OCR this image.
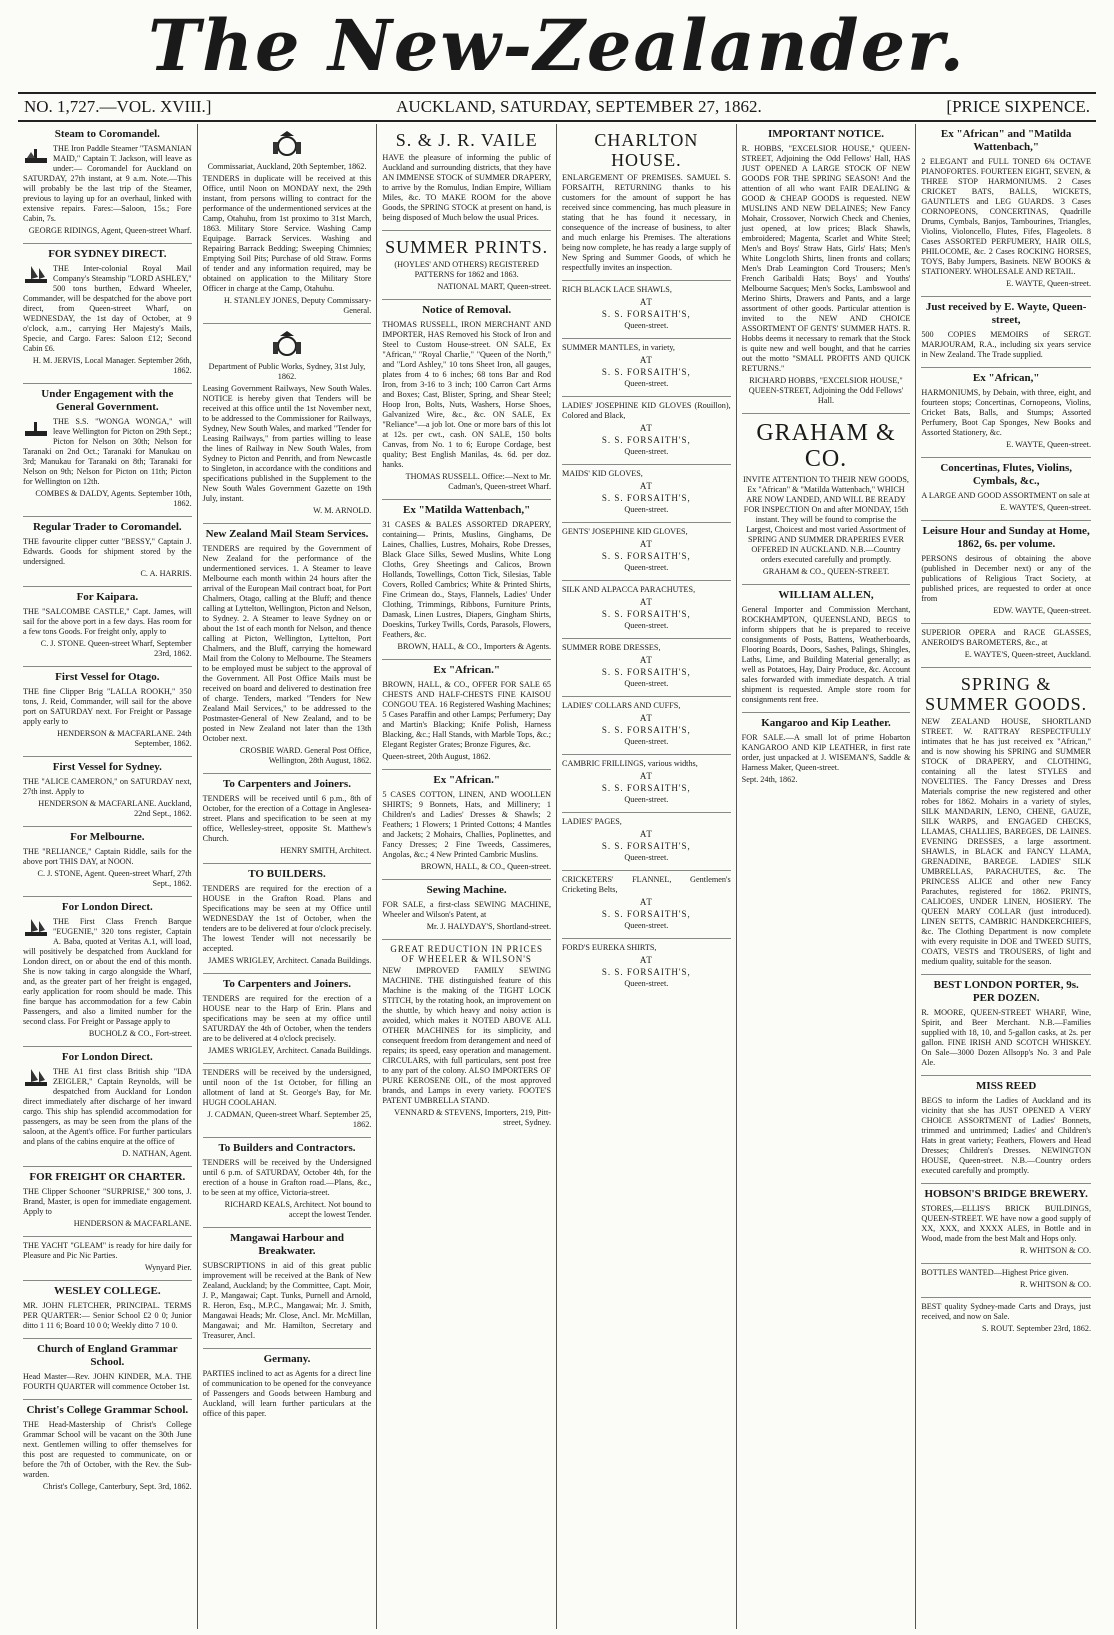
The New-Zealander.
NO. 1,727.—VOL. XVIII.]	AUCKLAND, SATURDAY, SEPTEMBER 27, 1862.	[PRICE SIXPENCE.
Steam to Coromandel.

THE Iron Paddle Steamer "TASMANIAN MAID," Captain T. Jackson, will leave as under:— Coromandel for Auckland on SATURDAY, 27th instant, at 9 a.m. Note.—This will probably be the last trip of the Steamer, previous to laying up for an overhaul, linked with extensive repairs. Fares:—Saloon, 15s.; Fore Cabin, 7s.

GEORGE RIDINGS, Agent, Queen-street Wharf.

FOR SYDNEY DIRECT.

THE Inter-colonial Royal Mail Company's Steamship "LORD ASHLEY," 500 tons burthen, Edward Wheeler, Commander, will be despatched for the above port direct, from Queen-street Wharf, on WEDNESDAY, the 1st day of October, at 9 o'clock, a.m., carrying Her Majesty's Mails, Specie, and Cargo. Fares: Saloon £12; Second Cabin £6.

H. M. JERVIS, Local Manager. September 26th, 1862.

Under Engagement with the General Government.

THE S.S. "WONGA WONGA," will leave Wellington for Picton on 29th Sept.; Picton for Nelson on 30th; Nelson for Taranaki on 2nd Oct.; Taranaki for Manukau on 3rd; Manukau for Taranaki on 8th; Taranaki for Nelson on 9th; Nelson for Picton on 11th; Picton for Wellington on 12th.

COMBES & DALDY, Agents. September 10th, 1862.

Regular Trader to Coromandel.

THE favourite clipper cutter "BESSY," Captain J. Edwards. Goods for shipment stored by the undersigned.

C. A. HARRIS.

For Kaipara.

THE "SALCOMBE CASTLE," Capt. James, will sail for the above port in a few days. Has room for a few tons Goods. For freight only, apply to

C. J. STONE. Queen-street Wharf, September 23rd, 1862.

First Vessel for Otago.

THE fine Clipper Brig "LALLA ROOKH," 350 tons, J. Reid, Commander, will sail for the above port on SATURDAY next. For Freight or Passage apply early to

HENDERSON & MACFARLANE. 24th September, 1862.

First Vessel for Sydney.

THE "ALICE CAMERON," on SATURDAY next, 27th inst. Apply to

HENDERSON & MACFARLANE. Auckland, 22nd Sept., 1862.

For Melbourne.

THE "RELIANCE," Captain Riddle, sails for the above port THIS DAY, at NOON.

C. J. STONE, Agent. Queen-street Wharf, 27th Sept., 1862.

For London Direct.

THE First Class French Barque "EUGENIE," 320 tons register, Captain A. Baba, quoted at Veritas A.1, will load, will positively be despatched from Auckland for London direct, on or about the end of this month. She is now taking in cargo alongside the Wharf, and, as the greater part of her freight is engaged, early application for room should be made. This fine barque has accommodation for a few Cabin Passengers, and also a limited number for the second class. For Freight or Passage apply to

BUCHOLZ & CO., Fort-street.

For London Direct.

THE A1 first class British ship "IDA ZEIGLER," Captain Reynolds, will be despatched from Auckland for London direct immediately after discharge of her inward cargo. This ship has splendid accommodation for passengers, as may be seen from the plans of the saloon, at the Agent's office. For further particulars and plans of the cabins enquire at the office of

D. NATHAN, Agent.

FOR FREIGHT OR CHARTER.

THE Clipper Schooner "SURPRISE," 300 tons, J. Brand, Master, is open for immediate engagement. Apply to

HENDERSON & MACFARLANE.

THE YACHT "GLEAM" is ready for hire daily for Pleasure and Pic Nic Parties.

Wynyard Pier.

WESLEY COLLEGE.

MR. JOHN FLETCHER, PRINCIPAL. TERMS PER QUARTER:— Senior School £2 0 0; Junior ditto 1 11 6; Board 10 0 0; Weekly ditto 7 10 0.

Church of England Grammar School.

Head Master—Rev. JOHN KINDER, M.A. THE FOURTH QUARTER will commence October 1st.

Christ's College Grammar School.

THE Head-Mastership of Christ's College Grammar School will be vacant on the 30th June next. Gentlemen willing to offer themselves for this post are requested to communicate, on or before the 7th of October, with the Rev. the Sub-warden.

Christ's College, Canterbury, Sept. 3rd, 1862.

Commissariat, Auckland, 20th September, 1862.

TENDERS in duplicate will be received at this Office, until Noon on MONDAY next, the 29th instant, from persons willing to contract for the performance of the undermentioned services at the Camp, Otahuhu, from 1st proximo to 31st March, 1863. Military Store Service. Washing Camp Equipage. Barrack Services. Washing and Repairing Barrack Bedding; Sweeping Chimnies; Emptying Soil Pits; Purchase of old Straw. Forms of tender and any information required, may be obtained on application to the Military Store Officer in charge at the Camp, Otahuhu.

H. STANLEY JONES, Deputy Commissary-General.

Department of Public Works, Sydney, 31st July, 1862.

Leasing Government Railways, New South Wales. NOTICE is hereby given that Tenders will be received at this office until the 1st November next, to be addressed to the Commissioner for Railways, Sydney, New South Wales, and marked "Tender for Leasing Railways," from parties willing to lease the lines of Railway in New South Wales, from Sydney to Picton and Penrith, and from Newcastle to Singleton, in accordance with the conditions and specifications published in the Supplement to the New South Wales Government Gazette on 19th July, instant.

W. M. ARNOLD.

New Zealand Mail Steam Services.

TENDERS are required by the Government of New Zealand for the performance of the undermentioned services. 1. A Steamer to leave Melbourne each month within 24 hours after the arrival of the European Mail contract boat, for Port Chalmers, Otago, calling at the Bluff; and thence calling at Lyttelton, Wellington, Picton and Nelson, to Sydney. 2. A Steamer to leave Sydney on or about the 1st of each month for Nelson, and thence calling at Picton, Wellington, Lyttelton, Port Chalmers, and the Bluff, carrying the homeward Mail from the Colony to Melbourne. The Steamers to be employed must be subject to the approval of the Government. All Post Office Mails must be received on board and delivered to destination free of charge. Tenders, marked "Tenders for New Zealand Mail Services," to be addressed to the Postmaster-General of New Zealand, and to be posted in New Zealand not later than the 13th October next.

CROSBIE WARD. General Post Office, Wellington, 28th August, 1862.

To Carpenters and Joiners.

TENDERS will be received until 6 p.m., 8th of October, for the erection of a Cottage in Anglesea-street. Plans and specification to be seen at my office, Wellesley-street, opposite St. Matthew's Church.

HENRY SMITH, Architect.

TO BUILDERS.

TENDERS are required for the erection of a HOUSE in the Grafton Road. Plans and Specifications may be seen at my Office until WEDNESDAY the 1st of October, when the tenders are to be delivered at four o'clock precisely. The lowest Tender will not necessarily be accepted.

JAMES WRIGLEY, Architect. Canada Buildings.

To Carpenters and Joiners.

TENDERS are required for the erection of a HOUSE near to the Harp of Erin. Plans and specifications may be seen at my office until SATURDAY the 4th of October, when the tenders are to be delivered at 4 o'clock precisely.

JAMES WRIGLEY, Architect. Canada Buildings.

TENDERS will be received by the undersigned, until noon of the 1st October, for filling an allotment of land at St. George's Bay, for Mr. HUGH COOLAHAN.

J. CADMAN, Queen-street Wharf. September 25, 1862.

To Builders and Contractors.

TENDERS will be received by the Undersigned until 6 p.m. of SATURDAY, October 4th, for the erection of a house in Grafton road.—Plans, &c., to be seen at my office, Victoria-street.

RICHARD KEALS, Architect. Not bound to accept the lowest Tender.

Mangawai Harbour and Breakwater.

SUBSCRIPTIONS in aid of this great public improvement will be received at the Bank of New Zealand, Auckland; by the Committee, Capt. Moir, J. P., Mangawai; Capt. Tunks, Purnell and Arnold, R. Heron, Esq., M.P.C., Mangawai; Mr. J. Smith, Mangawai Heads; Mr. Close, Ancl. Mr. McMillan, Mangawai; and Mr. Hamilton, Secretary and Treasurer, Ancl.

Germany.

PARTIES inclined to act as Agents for a direct line of communication to be opened for the conveyance of Passengers and Goods between Hamburg and Auckland, will learn further particulars at the office of this paper.

S. & J. R. VAILE

HAVE the pleasure of informing the public of Auckland and surrounding districts, that they have AN IMMENSE STOCK of SUMMER DRAPERY, to arrive by the Romulus, Indian Empire, William Miles, &c. TO MAKE ROOM for the above Goods, the SPRING STOCK at present on hand, is being disposed of Much below the usual Prices.

SUMMER PRINTS.

(HOYLES' AND OTHERS) REGISTERED PATTERNS for 1862 and 1863.

NATIONAL MART, Queen-street.

Notice of Removal.

THOMAS RUSSELL, IRON MERCHANT AND IMPORTER, HAS Removed his Stock of Iron and Steel to Custom House-street. ON SALE, Ex "African," "Royal Charlie," "Queen of the North," and "Lord Ashley," 10 tons Sheet Iron, all gauges, plates from 4 to 6 inches; 68 tons Bar and Rod Iron, from 3-16 to 3 inch; 100 Carron Cart Arms and Boxes; Cast, Blister, Spring, and Shear Steel; Hoop Iron, Bolts, Nuts, Washers, Horse Shoes, Galvanized Wire, &c., &c. ON SALE, Ex "Reliance"—a job lot. One or more bars of this lot at 12s. per cwt., cash. ON SALE, 150 bolts Canvas, from No. 1 to 6; Europe Cordage, best quality; Best English Manilas, 4s. 6d. per doz. hanks.

THOMAS RUSSELL. Office:—Next to Mr. Cadman's, Queen-street Wharf.

Ex "Matilda Wattenbach,"

31 CASES & BALES ASSORTED DRAPERY, containing— Prints, Muslins, Ginghams, De Laines, Challies, Lustres, Mohairs, Robe Dresses, Black Glace Silks, Sewed Muslins, White Long Cloths, Grey Sheetings and Calicos, Brown Hollands, Towellings, Cotton Tick, Silesias, Table Covers, Rolled Cambrics; White & Printed Shirts, Fine Crimean do., Stays, Flannels, Ladies' Under Clothing, Trimmings, Ribbons, Furniture Prints, Damask, Linen Lustres, Diapers, Gingham Shirts, Doeskins, Turkey Twills, Cords, Parasols, Flowers, Feathers, &c.

BROWN, HALL, & CO., Importers & Agents.

Ex "African."

BROWN, HALL, & CO., OFFER FOR SALE 65 CHESTS AND HALF-CHESTS FINE KAISOU CONGOU TEA. 16 Registered Washing Machines; 5 Cases Paraffin and other Lamps; Perfumery; Day and Martin's Blacking; Knife Polish, Harness Blacking, &c.; Hall Stands, with Marble Tops, &c.; Elegant Register Grates; Bronze Figures, &c.

Queen-street, 20th August, 1862.

Ex "African."

5 CASES COTTON, LINEN, AND WOOLLEN SHIRTS; 9 Bonnets, Hats, and Millinery; 1 Children's and Ladies' Dresses & Shawls; 2 Feathers; 1 Flowers; 1 Printed Cottons; 4 Mantles and Jackets; 2 Mohairs, Challies, Poplinettes, and Fancy Dresses; 2 Fine Tweeds, Cassimeres, Angolas, &c.; 4 New Printed Cambric Muslins.

BROWN, HALL, & CO., Queen-street.

Sewing Machine.

FOR SALE, a first-class SEWING MACHINE, Wheeler and Wilson's Patent, at

Mr. J. HALYDAY'S, Shortland-street.

GREAT REDUCTION IN PRICES OF WHEELER & WILSON'S

NEW IMPROVED FAMILY SEWING MACHINE. THE distinguished feature of this Machine is the making of the TIGHT LOCK STITCH, by the rotating hook, an improvement on the shuttle, by which heavy and noisy action is avoided, which makes it NOTED ABOVE ALL OTHER MACHINES for its simplicity, and consequent freedom from derangement and need of repairs; its speed, easy operation and management. CIRCULARS, with full particulars, sent post free to any part of the colony. ALSO IMPORTERS OF PURE KEROSENE OIL, of the most approved brands, and Lamps in every variety. FOOTE'S PATENT UMBRELLA STAND.

VENNARD & STEVENS, Importers, 219, Pitt-street, Sydney.

CHARLTON HOUSE.

ENLARGEMENT OF PREMISES. SAMUEL S. FORSAITH, RETURNING thanks to his customers for the amount of support he has received since commencing, has much pleasure in stating that he has found it necessary, in consequence of the increase of business, to alter and much enlarge his Premises. The alterations being now complete, he has ready a large supply of New Spring and Summer Goods, of which he respectfully invites an inspection.

RICH BLACK LACE SHAWLS,

AT

S. S. FORSAITH'S,

Queen-street.

SUMMER MANTLES, in variety,

AT

S. S. FORSAITH'S,

Queen-street.

LADIES' JOSEPHINE KID GLOVES (Rouillon), Colored and Black,

AT

S. S. FORSAITH'S,

Queen-street.

MAIDS' KID GLOVES,

AT

S. S. FORSAITH'S,

Queen-street.

GENTS' JOSEPHINE KID GLOVES,

AT

S. S. FORSAITH'S,

Queen-street.

SILK AND ALPACCA PARACHUTES,

AT

S. S. FORSAITH'S,

Queen-street.

SUMMER ROBE DRESSES,

AT

S. S. FORSAITH'S,

Queen-street.

LADIES' COLLARS AND CUFFS,

AT

S. S. FORSAITH'S,

Queen-street.

CAMBRIC FRILLINGS, various widths,

AT

S. S. FORSAITH'S,

Queen-street.

LADIES' PAGES,

AT

S. S. FORSAITH'S,

Queen-street.

CRICKETERS' FLANNEL, Gentlemen's Cricketing Belts,

AT

S. S. FORSAITH'S,

Queen-street.

FORD'S EUREKA SHIRTS,

AT

S. S. FORSAITH'S,

Queen-street.

IMPORTANT NOTICE.

R. HOBBS, "EXCELSIOR HOUSE," QUEEN-STREET, Adjoining the Odd Fellows' Hall, HAS JUST OPENED A LARGE STOCK OF NEW GOODS FOR THE SPRING SEASON! And the attention of all who want FAIR DEALING & GOOD & CHEAP GOODS is requested. NEW MUSLINS AND NEW DELAINES; New Fancy Mohair, Crossover, Norwich Check and Chenies, just opened, at low prices; Black Shawls, embroidered; Magenta, Scarlet and White Steel; Men's and Boys' Straw Hats, Girls' Hats; Men's White Longcloth Shirts, linen fronts and collars; Men's Drab Leamington Cord Trousers; Men's French Garibaldi Hats; Boys' and Youths' Melbourne Sacques; Men's Socks, Lambswool and Merino Shirts, Drawers and Pants, and a large assortment of other goods. Particular attention is invited to the NEW AND CHOICE ASSORTMENT OF GENTS' SUMMER HATS. R. Hobbs deems it necessary to remark that the Stock is quite new and well bought, and that he carries out the motto "SMALL PROFITS AND QUICK RETURNS."

RICHARD HOBBS, "EXCELSIOR HOUSE," QUEEN-STREET, Adjoining the Odd Fellows' Hall.

GRAHAM & CO.

INVITE ATTENTION TO THEIR NEW GOODS, Ex "African" & "Matilda Wattenbach," WHICH ARE NOW LANDED, AND WILL BE READY FOR INSPECTION On and after MONDAY, 15th instant. They will be found to comprise the Largest, Choicest and most varied Assortment of SPRING AND SUMMER DRAPERIES EVER OFFERED IN AUCKLAND. N.B.—Country orders executed carefully and promptly.

GRAHAM & CO., QUEEN-STREET.

WILLIAM ALLEN,

General Importer and Commission Merchant, ROCKHAMPTON, QUEENSLAND, BEGS to inform shippers that he is prepared to receive consignments of Posts, Battens, Weatherboards, Flooring Boards, Doors, Sashes, Palings, Shingles, Laths, Lime, and Building Material generally; as well as Potatoes, Hay, Dairy Produce, &c. Account sales forwarded with immediate despatch. A trial shipment is requested. Ample store room for consignments rent free.

Kangaroo and Kip Leather.

FOR SALE.—A small lot of prime Hobarton KANGAROO AND KIP LEATHER, in first rate order, just unpacked at J. WISEMAN'S, Saddle & Harness Maker, Queen-street.

Sept. 24th, 1862.

Ex "African" and "Matilda Wattenbach,"

2 ELEGANT and FULL TONED 6¾ OCTAVE PIANOFORTES. FOURTEEN EIGHT, SEVEN, & THREE STOP HARMONIUMS. 2 Cases CRICKET BATS, BALLS, WICKETS, GAUNTLETS and LEG GUARDS. 3 Cases CORNOPEONS, CONCERTINAS, Quadrille Drums, Cymbals, Banjos, Tambourines, Triangles, Violins, Violoncello, Flutes, Fifes, Flageolets. 8 Cases ASSORTED PERFUMERY, HAIR OILS, PHILOCOME, &c. 2 Cases ROCKING HORSES, TOYS, Baby Jumpers, Basinets. NEW BOOKS & STATIONERY. WHOLESALE AND RETAIL.

E. WAYTE, Queen-street.

Just received by E. Wayte, Queen-street,

500 COPIES MEMOIRS of SERGT. MARJOURAM, R.A., including six years service in New Zealand. The Trade supplied.

Ex "African,"

HARMONIUMS, by Debain, with three, eight, and fourteen stops; Concertinas, Cornopeons, Violins, Cricket Bats, Balls, and Stumps; Assorted Perfumery, Boot Cap Sponges, New Books and Assorted Stationery, &c.

E. WAYTE, Queen-street.

Concertinas, Flutes, Violins, Cymbals, &c.,

A LARGE AND GOOD ASSORTMENT on sale at

E. WAYTE'S, Queen-street.

Leisure Hour and Sunday at Home, 1862, 6s. per volume.

PERSONS desirous of obtaining the above (published in December next) or any of the publications of Religious Tract Society, at published prices, are requested to order at once from

EDW. WAYTE, Queen-street.

SUPERIOR OPERA and RACE GLASSES, ANEROID'S BAROMETERS, &c., at

E. WAYTE'S, Queen-street, Auckland.

SPRING & SUMMER GOODS.

NEW ZEALAND HOUSE, SHORTLAND STREET. W. RATTRAY RESPECTFULLY intimates that he has just received ex "African," and is now showing his SPRING and SUMMER STOCK of DRAPERY, and CLOTHING, containing all the latest STYLES and NOVELTIES. The Fancy Dresses and Dress Materials comprise the new registered and other robes for 1862. Mohairs in a variety of styles, SILK MANDARIN, LENO, CHENE, GAUZE, SILK WARPS, and ENGAGED CHECKS, LLAMAS, CHALLIES, BAREGES, DE LAINES. EVENING DRESSES, a large assortment. SHAWLS, in BLACK and FANCY LLAMA, GRENADINE, BAREGE. LADIES' SILK UMBRELLAS, PARACHUTES, &c. The PRINCESS ALICE and other new Fancy Parachutes, registered for 1862. PRINTS, CALICOES, UNDER LINEN, HOSIERY. The QUEEN MARY COLLAR (just introduced). LINEN SETTS, CAMBRIC HANDKERCHIEFS, &c. The Clothing Department is now complete with every requisite in DOE and TWEED SUITS, COATS, VESTS and TROUSERS, of light and medium quality, suitable for the season.

BEST LONDON PORTER, 9s. PER DOZEN.

R. MOORE, QUEEN-STREET WHARF, Wine, Spirit, and Beer Merchant. N.B.—Families supplied with 18, 10, and 5-gallon casks, at 2s. per gallon. FINE IRISH AND SCOTCH WHISKEY. On Sale—3000 Dozen Allsopp's No. 3 and Pale Ale.

MISS REED

BEGS to inform the Ladies of Auckland and its vicinity that she has JUST OPENED A VERY CHOICE ASSORTMENT of Ladies' Bonnets, trimmed and untrimmed; Ladies' and Children's Hats in great variety; Feathers, Flowers and Head Dresses; Children's Dresses. NEWINGTON HOUSE, Queen-street. N.B.—Country orders executed carefully and promptly.

HOBSON'S BRIDGE BREWERY.

STORES,—ELLIS'S BRICK BUILDINGS, QUEEN-STREET. WE have now a good supply of XX, XXX, and XXXX ALES, in Bottle and in Wood, made from the best Malt and Hops only.

R. WHITSON & CO.

BOTTLES WANTED—Highest Price given.

R. WHITSON & CO.

BEST quality Sydney-made Carts and Drays, just received, and now on Sale.

S. ROUT. September 23rd, 1862.
